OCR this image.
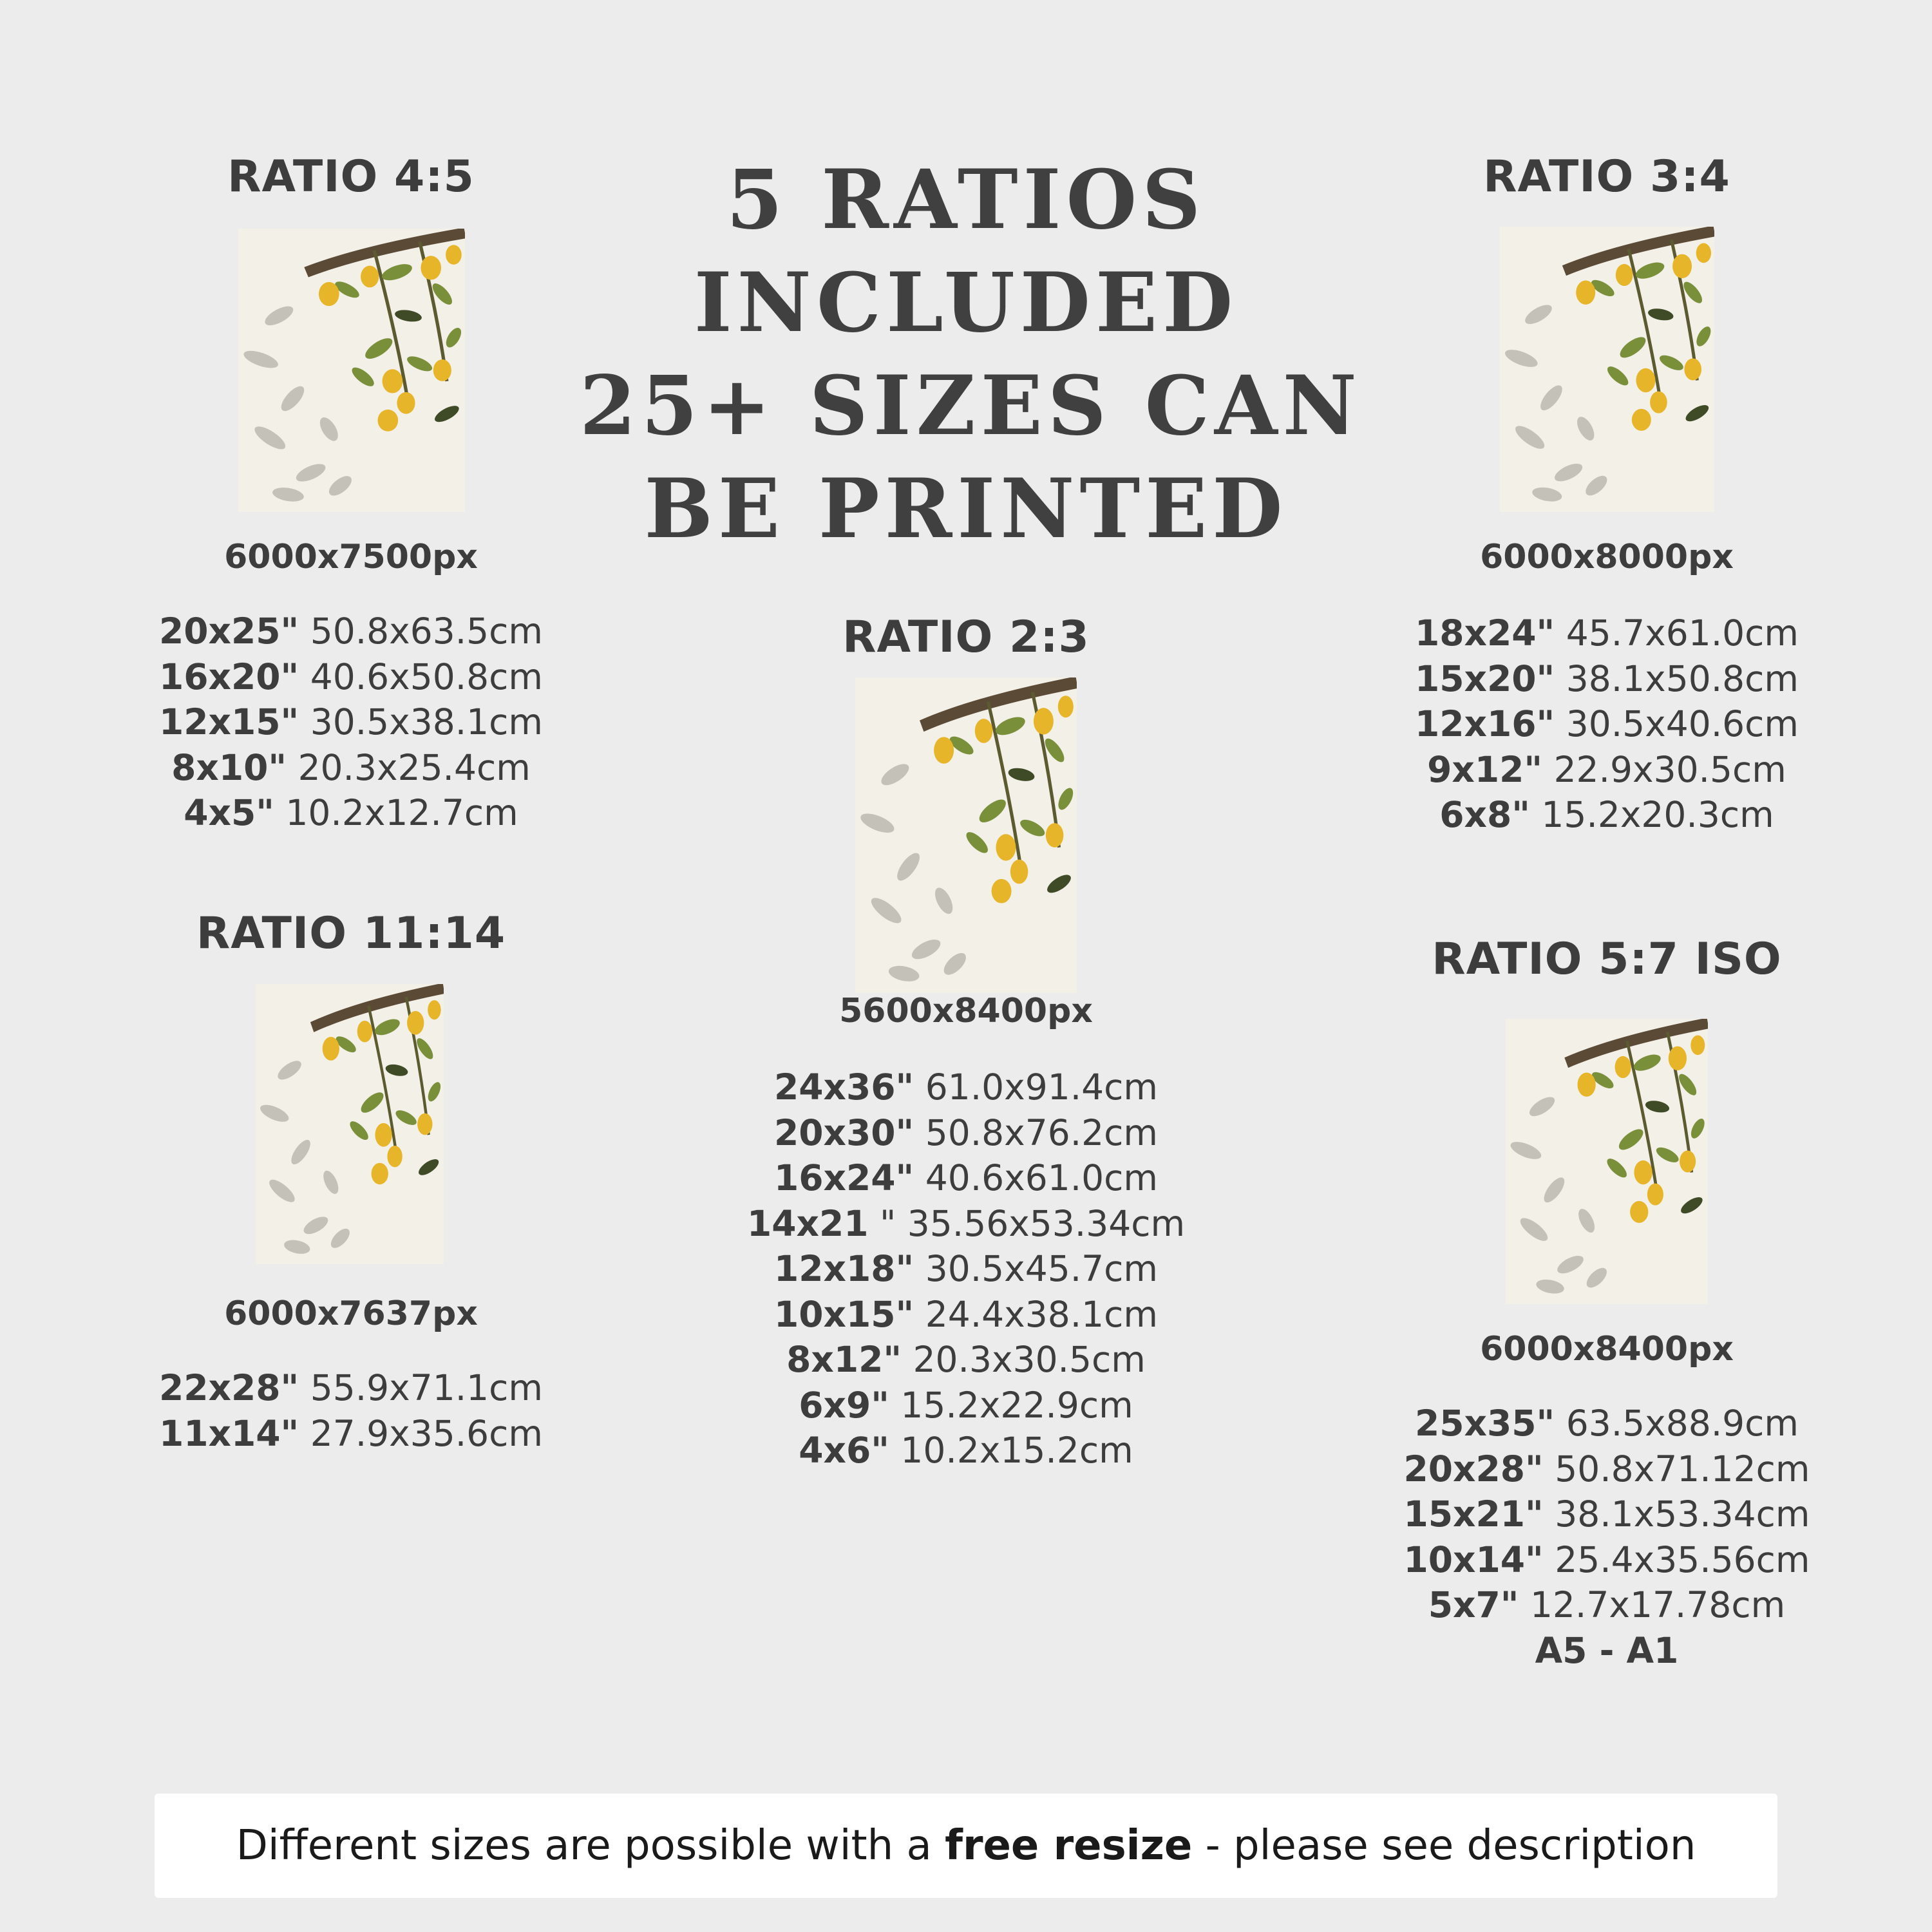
5 RATIOS
INCLUDED
25+ SIZES CAN
BE PRINTED
RATIO 4:5
6000x7500px
20x25" 50.8x63.5cm
16x20" 40.6x50.8cm
12x15" 30.5x38.1cm
8x10" 20.3x25.4cm
4x5" 10.2x12.7cm
RATIO 11:14
6000x7637px
22x28" 55.9x71.1cm
11x14" 27.9x35.6cm
RATIO 2:3
5600x8400px
24x36" 61.0x91.4cm
20x30" 50.8x76.2cm
16x24" 40.6x61.0cm
14x21 " 35.56x53.34cm
12x18" 30.5x45.7cm
10x15" 24.4x38.1cm
8x12" 20.3x30.5cm
6x9" 15.2x22.9cm
4x6" 10.2x15.2cm
RATIO 3:4
6000x8000px
18x24" 45.7x61.0cm
15x20" 38.1x50.8cm
12x16" 30.5x40.6cm
9x12" 22.9x30.5cm
6x8" 15.2x20.3cm
RATIO 5:7 ISO
6000x8400px
25x35" 63.5x88.9cm
20x28" 50.8x71.12cm
15x21" 38.1x53.34cm
10x14" 25.4x35.56cm
5x7" 12.7x17.78cm
A5 - A1
Different sizes are possible with a free resize - please see description
